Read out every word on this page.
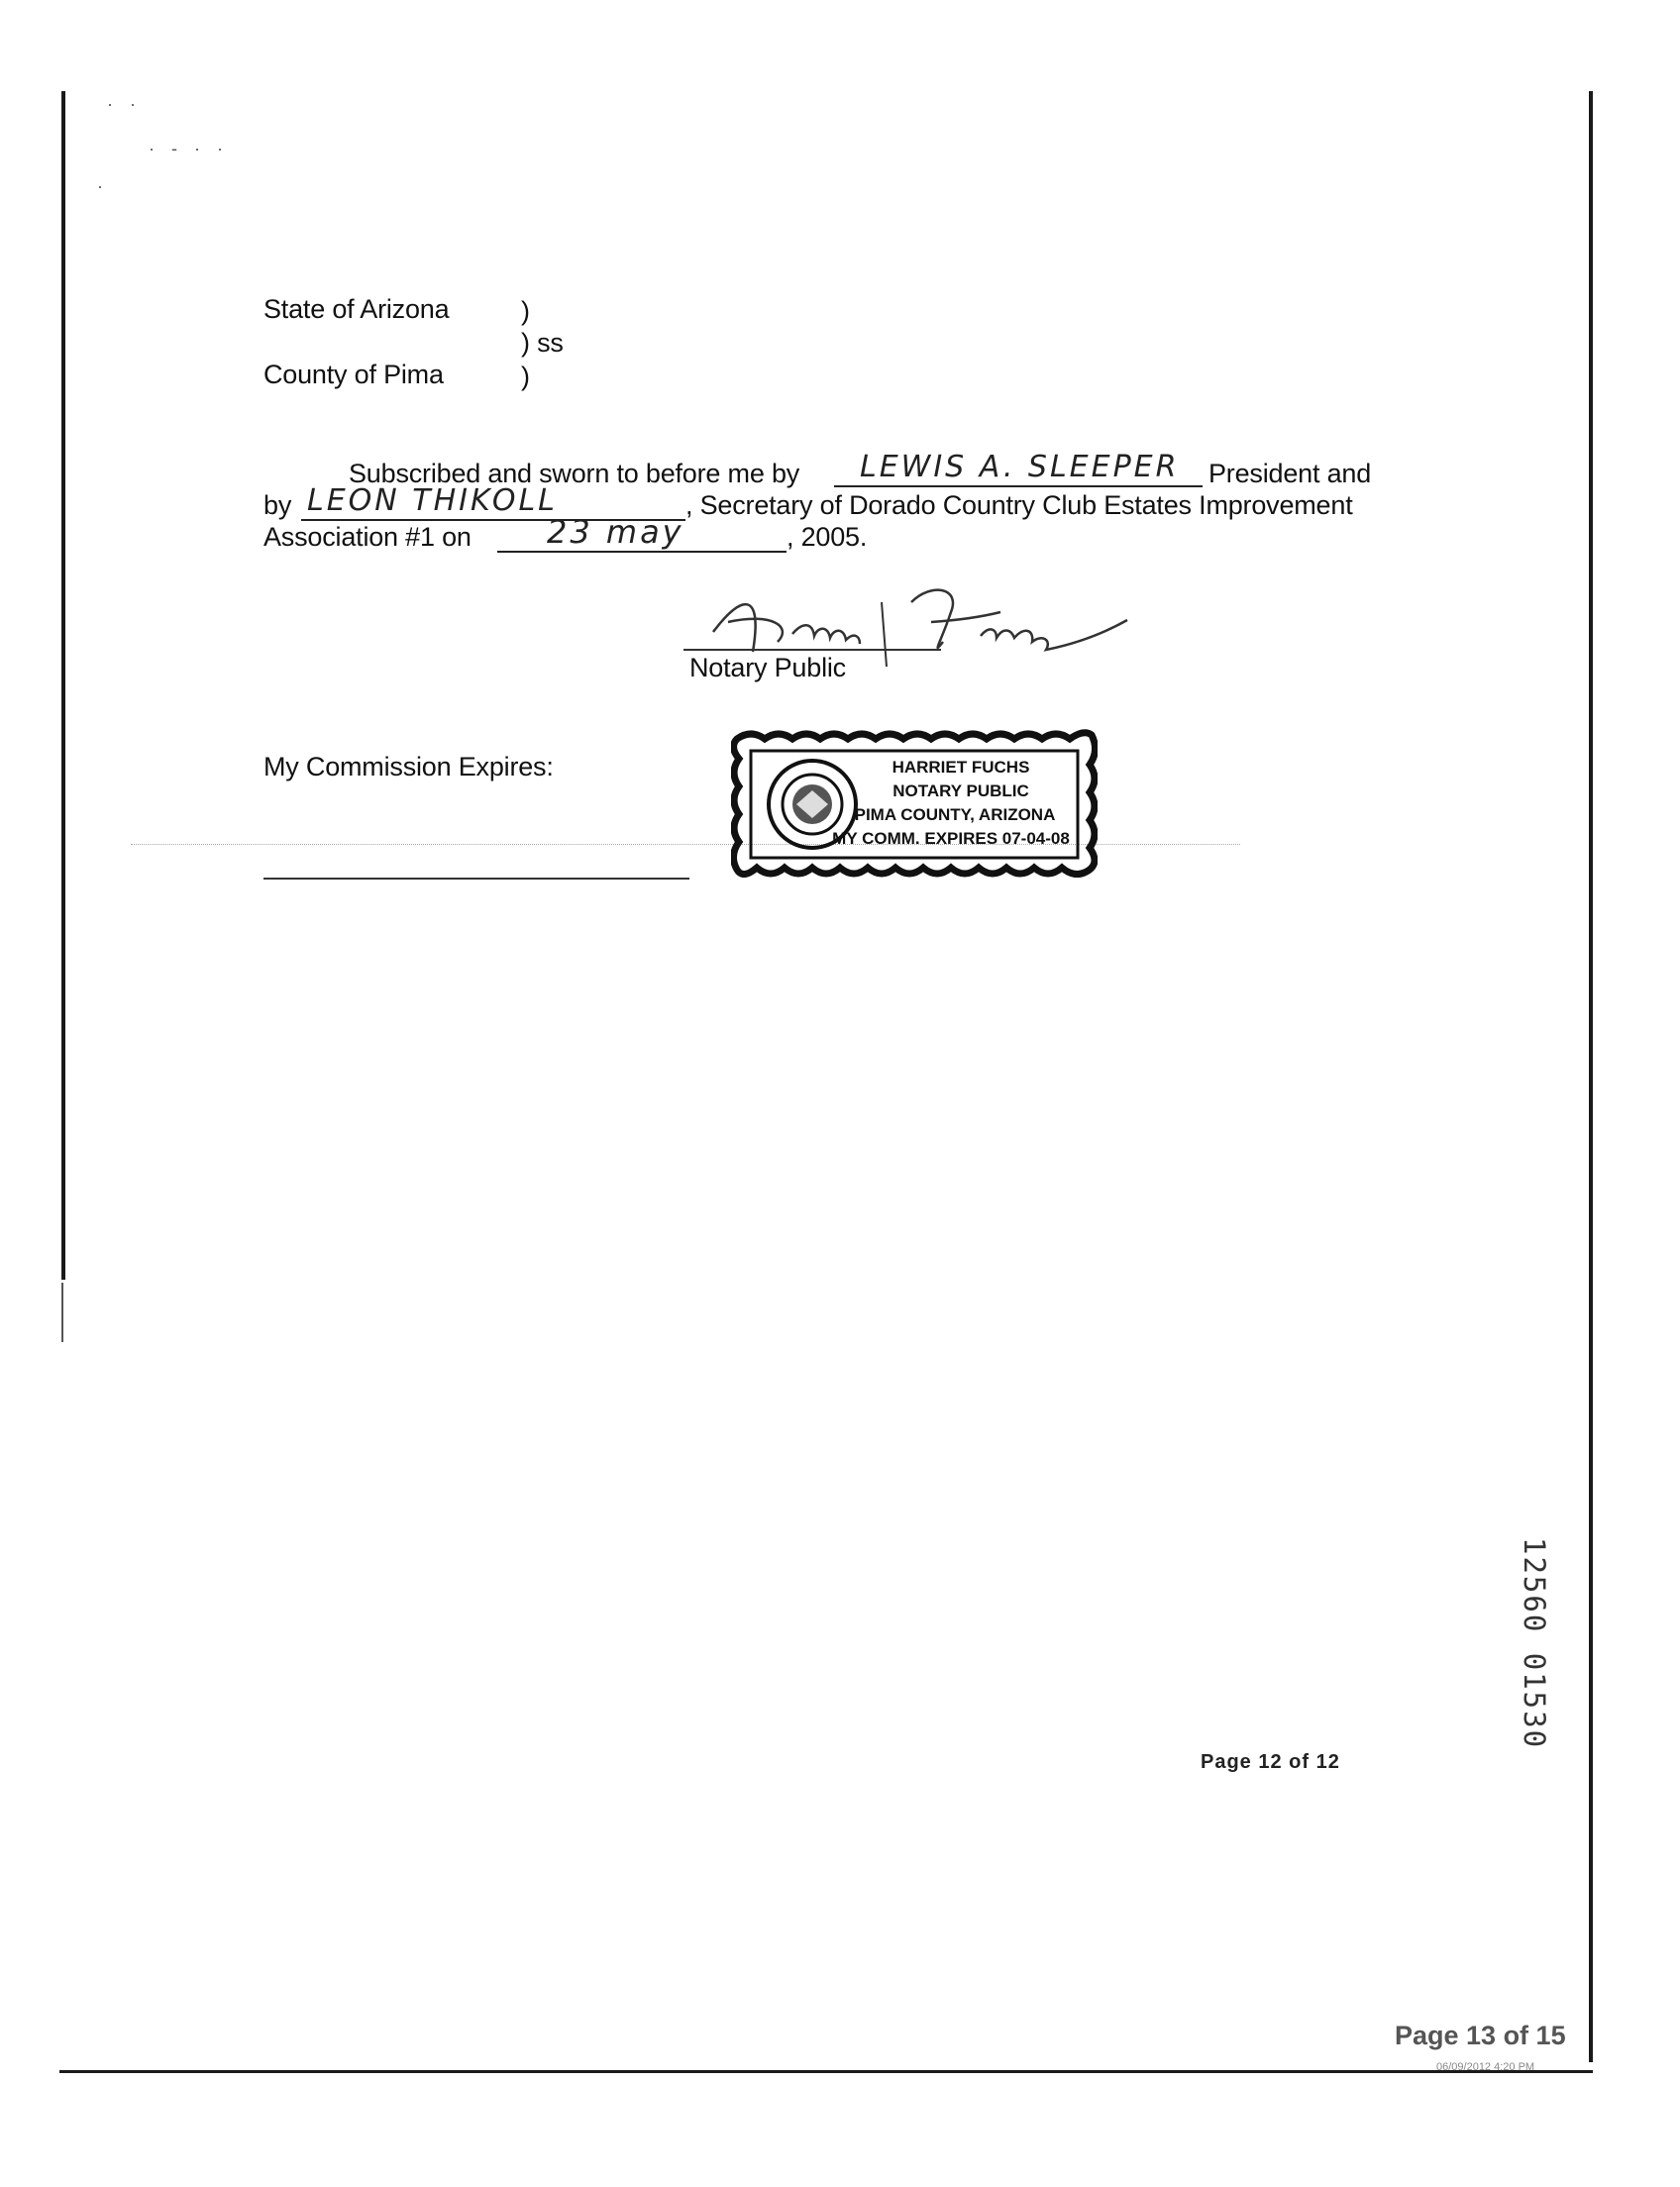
· ·
· - · ·
·
State of Arizona	)
) ss
County of Pima	)
Subscribed and sworn to before me by LEWIS A. SLEEPER President and
by LEON THIKOLL	, Secretary of Dorado Country Club Estates Improvement
Association #1 on 23 may	, 2005.
Notary Public
My Commission Expires:	HARRIET FUCHS
NOTARY PUBLIC
PIMA COUNTY, ARIZONA
MY COMM. EXPIRES 07-04-08
12560 01530
Page 12 of 12
Page 13 of 15
06/09/2012 4:20 PM
